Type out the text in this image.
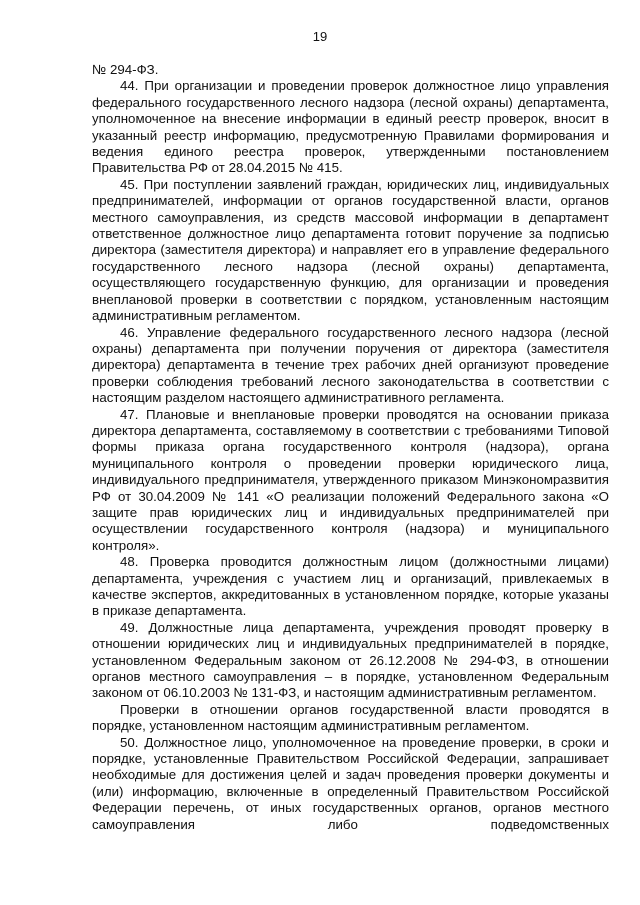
19

№ 294-ФЗ.

44. При организации и проведении проверок должностное лицо управления федерального государственного лесного надзора (лесной охраны) департамента, уполномоченное на внесение информации в единый реестр проверок, вносит в указанный реестр информацию, предусмотренную Правилами формирования и ведения единого реестра проверок, утвержденными постановлением Правительства РФ от 28.04.2015 № 415.

45. При поступлении заявлений граждан, юридических лиц, индивидуальных предпринимателей, информации от органов государственной власти, органов местного самоуправления, из средств массовой информации в департамент ответственное должностное лицо департамента готовит поручение за подписью директора (заместителя директора) и направляет его в управление федерального государственного лесного надзора (лесной охраны) департамента, осуществляющего государственную функцию, для организации и проведения внеплановой проверки в соответствии с порядком, установленным настоящим административным регламентом.

46. Управление федерального государственного лесного надзора (лесной охраны) департамента при получении поручения от директора (заместителя директора) департамента в течение трех рабочих дней организуют проведение проверки соблюдения требований лесного законодательства в соответствии с настоящим разделом настоящего административного регламента.

47. Плановые и внеплановые проверки проводятся на основании приказа директора департамента, составляемому в соответствии с требованиями Типовой формы приказа органа государственного контроля (надзора), органа муниципального контроля о проведении проверки юридического лица, индивидуального предпринимателя, утвержденного приказом Минэкономразвития РФ от 30.04.2009 № 141 «О реализации положений Федерального закона «О защите прав юридических лиц и индивидуальных предпринимателей при осуществлении государственного контроля (надзора) и муниципального контроля».

48. Проверка проводится должностным лицом (должностными лицами) департамента, учреждения с участием лиц и организаций, привлекаемых в качестве экспертов, аккредитованных в установленном порядке, которые указаны в приказе департамента.

49. Должностные лица департамента, учреждения проводят проверку в отношении юридических лиц и индивидуальных предпринимателей в порядке, установленном Федеральным законом от 26.12.2008 № 294-ФЗ, в отношении органов местного самоуправления – в порядке, установленном Федеральным законом от 06.10.2003 № 131-ФЗ, и настоящим административным регламентом.

Проверки в отношении органов государственной власти проводятся в порядке, установленном настоящим административным регламентом.

50. Должностное лицо, уполномоченное на проведение проверки, в сроки и порядке, установленные Правительством Российской Федерации, запрашивает необходимые для достижения целей и задач проведения проверки документы и (или) информацию, включенные в определенный Правительством Российской Федерации перечень, от иных государственных органов, органов местного самоуправления либо подведомственных
